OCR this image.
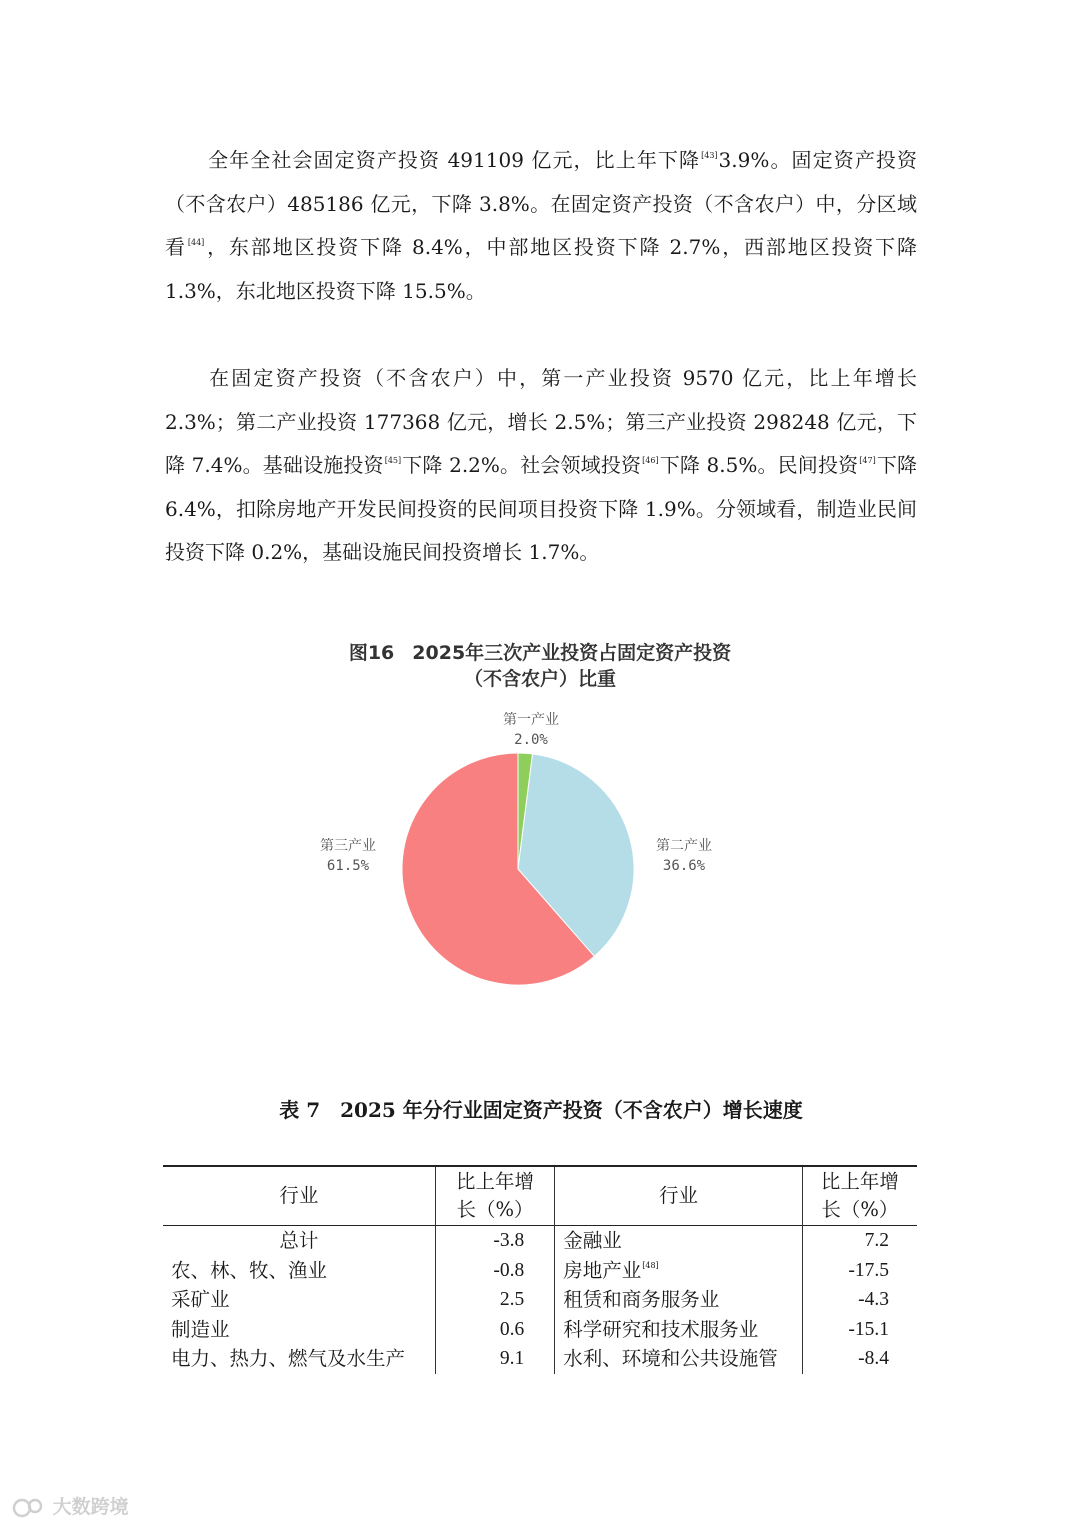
全年全社会固定资产投资 491109 亿元，比上年下降[43]3.9%。固定资产投资（不含农户）485186 亿元，下降 3.8%。在固定资产投资（不含农户）中，分区域看[44]，东部地区投资下降 8.4%，中部地区投资下降 2.7%，西部地区投资下降 1.3%，东北地区投资下降 15.5%。

在固定资产投资（不含农户）中，第一产业投资 9570 亿元，比上年增长 2.3%；第二产业投资 177368 亿元，增长 2.5%；第三产业投资 298248 亿元，下降 7.4%。基础设施投资[45]下降 2.2%。社会领域投资[46]下降 8.5%。民间投资[47]下降 6.4%，扣除房地产开发民间投资的民间项目投资下降 1.9%。分领域看，制造业民间投资下降 0.2%，基础设施民间投资增长 1.7%。

图16 2025年三次产业投资占固定资产投资

（不含农户）比重

第一产业
2.0%
第二产业
36.6%
第三产业
61.5%

表 7　2025 年分行业固定资产投资（不含农户）增长速度

行业	比上年增
长（%）	行业	比上年增
长（%）
总计	-3.8	金融业	7.2
农、林、牧、渔业	-0.8	房地产业[48]	-17.5
采矿业	2.5	租赁和商务服务业	-4.3
制造业	0.6	科学研究和技术服务业	-15.1
电力、热力、燃气及水生产	9.1	水利、环境和公共设施管	-8.4
大数跨境
